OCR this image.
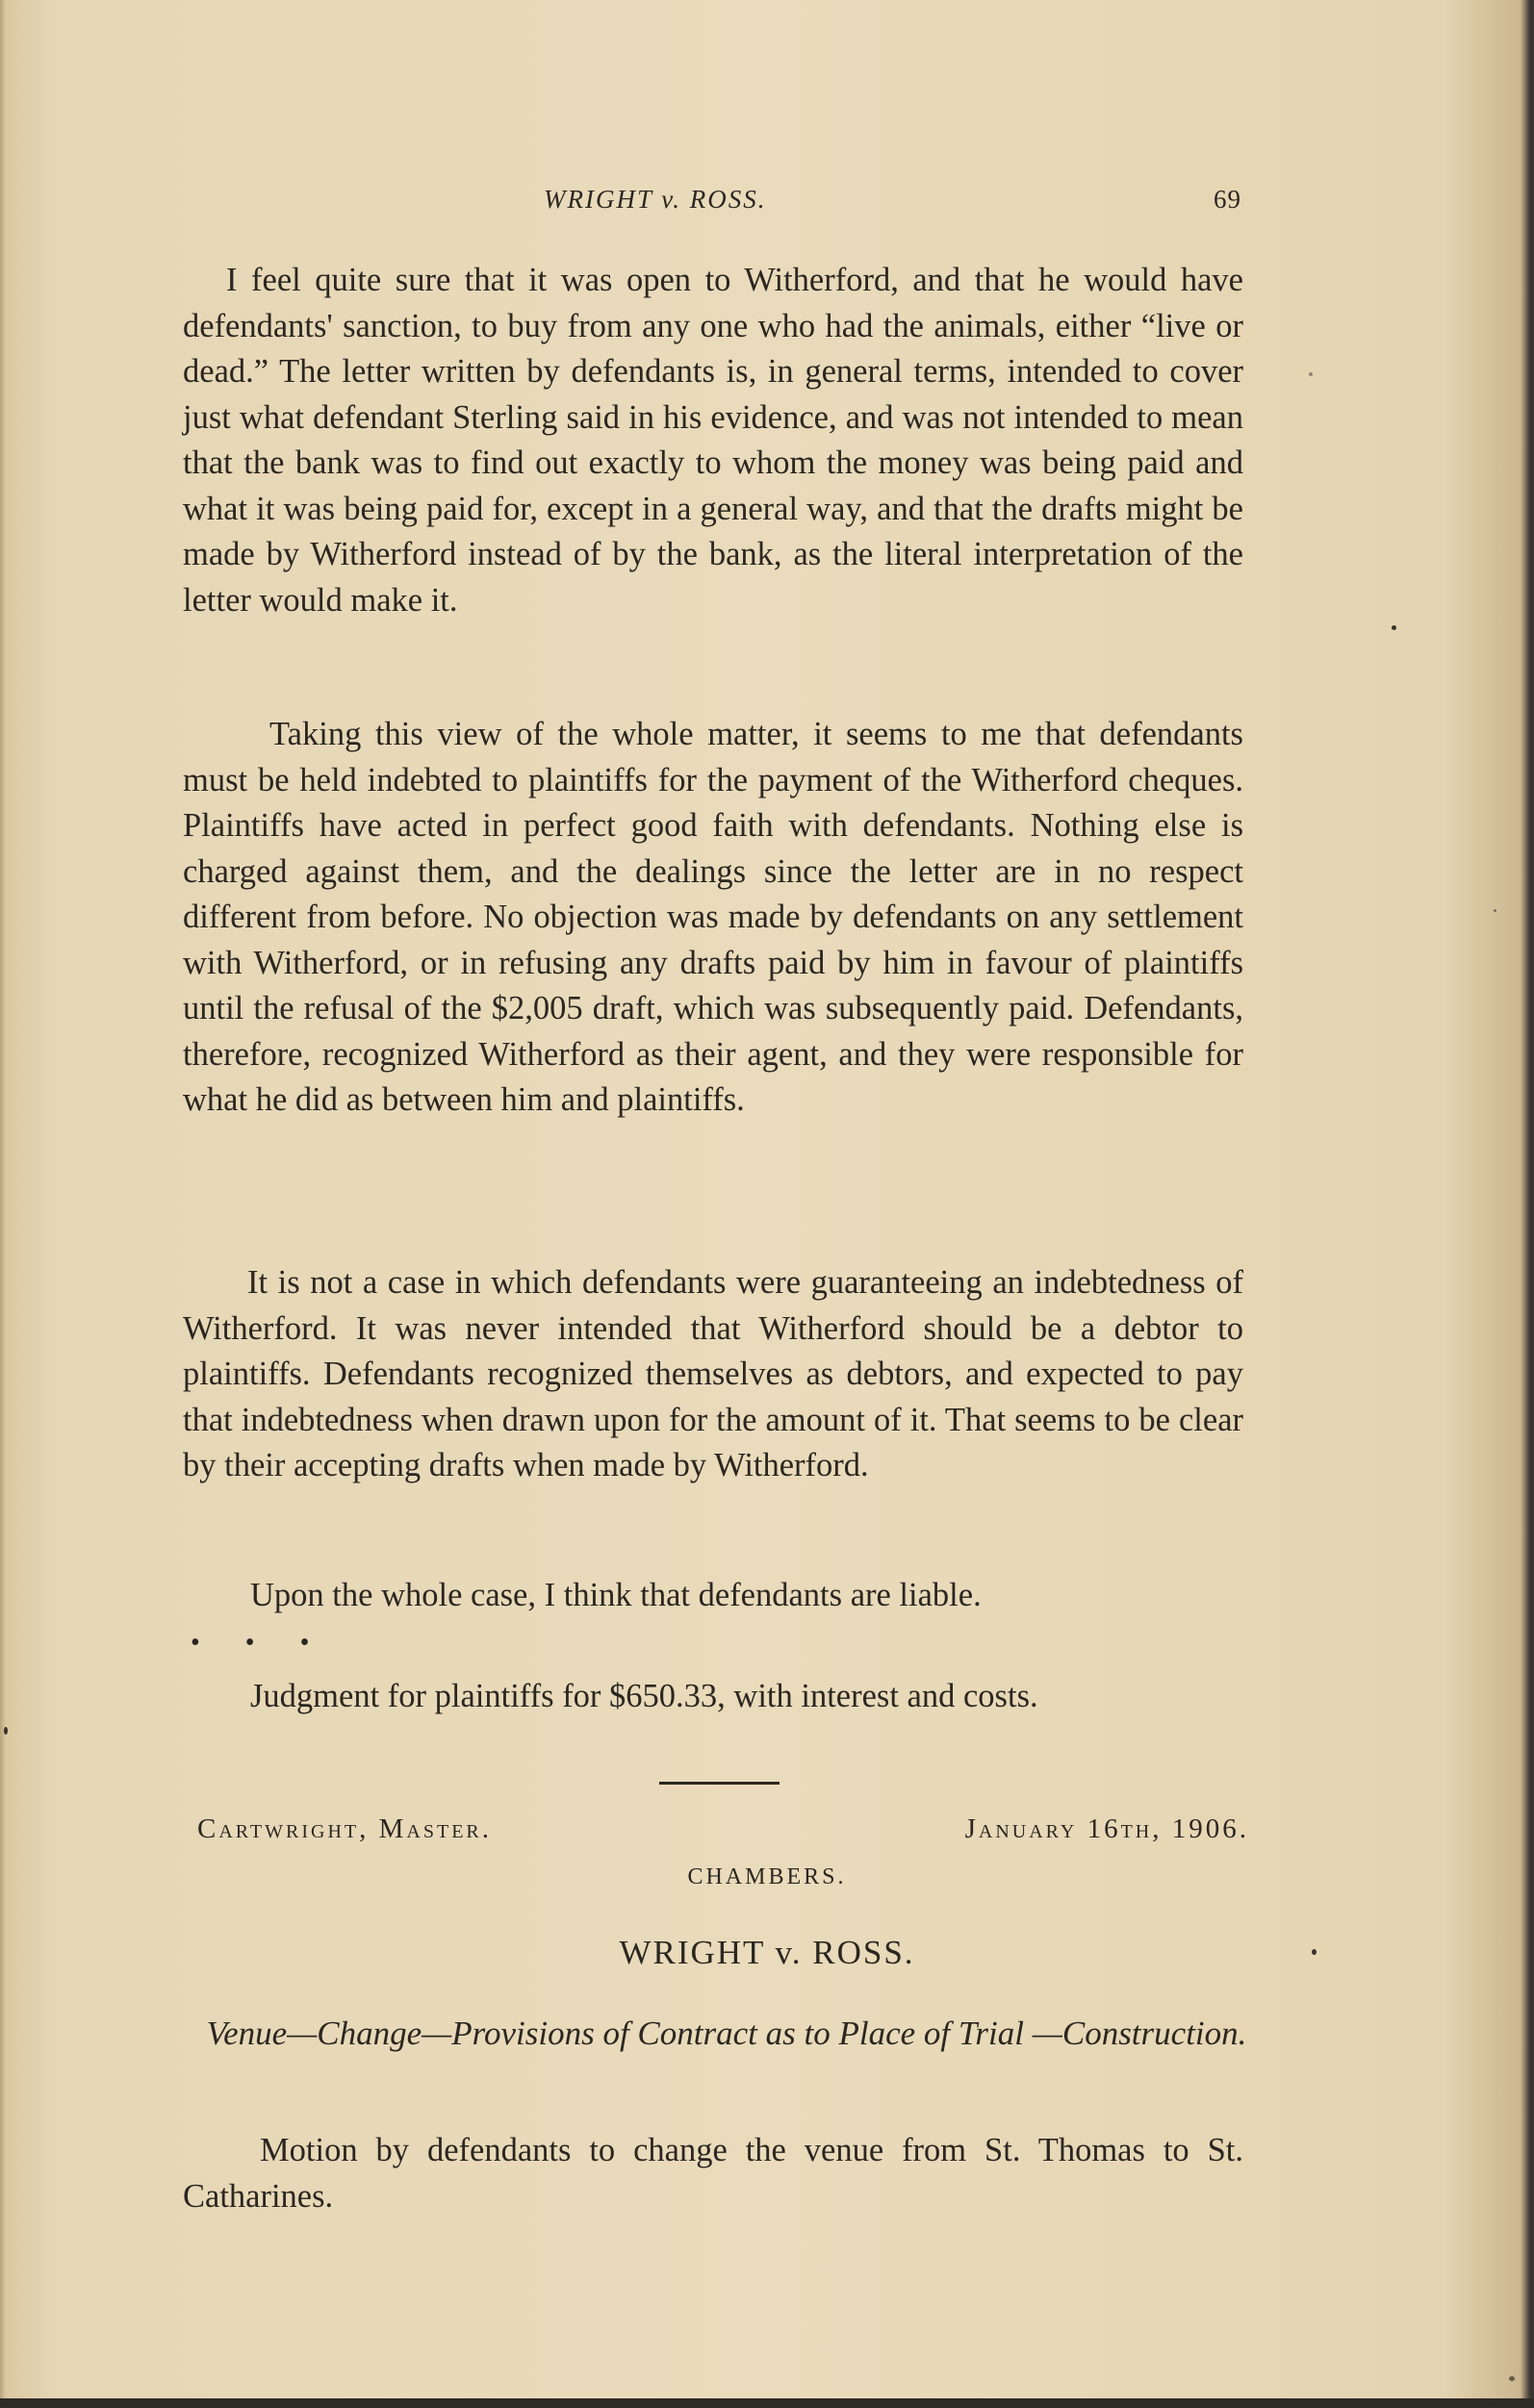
WRIGHT v. ROSS.	69

I feel quite sure that it was open to Witherford, and that he would have defendants' sanction, to buy from any one who had the animals, either “live or dead.” The letter written by defendants is, in general terms, intended to cover just what defendant Sterling said in his evidence, and was not intended to mean that the bank was to find out exactly to whom the money was being paid and what it was being paid for, except in a general way, and that the drafts might be made by Witherford instead of by the bank, as the literal interpretation of the letter would make it.

Taking this view of the whole matter, it seems to me that defendants must be held indebted to plaintiffs for the payment of the Witherford cheques. Plaintiffs have acted in perfect good faith with defendants. Nothing else is charged against them, and the dealings since the letter are in no respect different from before. No objection was made by defendants on any settlement with Witherford, or in refusing any drafts paid by him in favour of plaintiffs until the refusal of the $2,005 draft, which was subsequently paid. Defendants, therefore, recognized Witherford as their agent, and they were responsible for what he did as between him and plaintiffs.

It is not a case in which defendants were guaranteeing an indebtedness of Witherford. It was never intended that Witherford should be a debtor to plaintiffs. Defendants recognized themselves as debtors, and expected to pay that indebtedness when drawn upon for the amount of it. That seems to be clear by their accepting drafts when made by Witherford.

Upon the whole case, I think that defendants are liable.

• • •

Judgment for plaintiffs for $650.33, with interest and costs.

Cartwright, Master.	January 16th, 1906.
CHAMBERS.
WRIGHT v. ROSS.
Venue—Change—Provisions of Contract as to Place of Trial —Construction.

Motion by defendants to change the venue from St. Thomas to St. Catharines.
